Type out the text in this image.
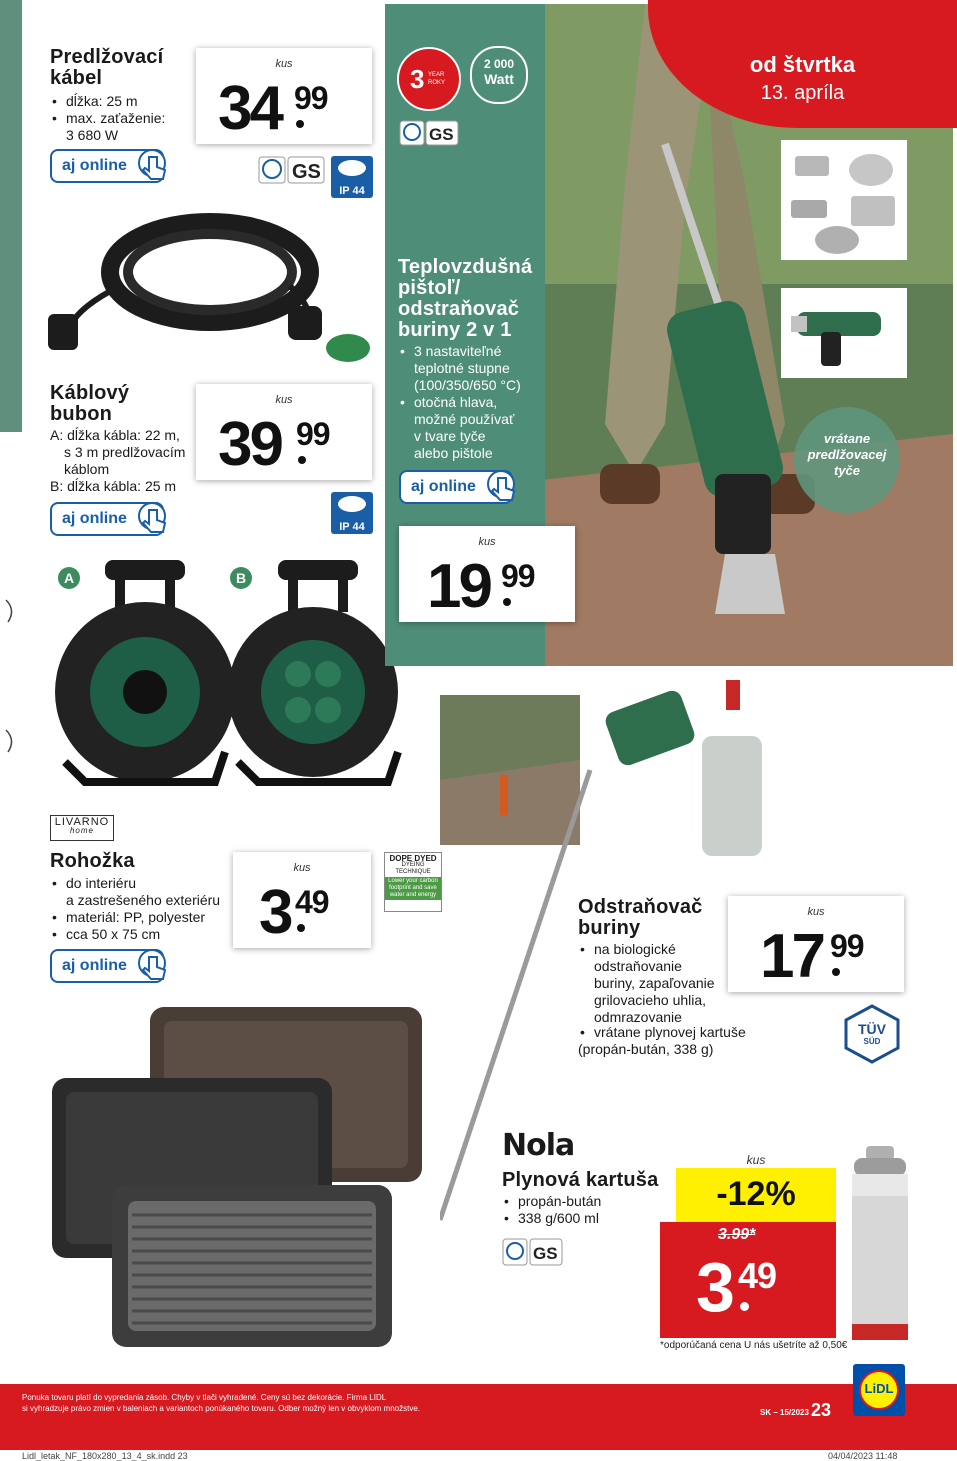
Predlžovací
kábel
• dĺžka: 25 m
• max. zaťaženie:
3 680 W
kus
34 99
aj online	GS
IP 44
Káblový
bubon
A: dĺžka kábla: 22 m,
s 3 m predlžovacím
káblom
B: dĺžka kábla: 25 m
kus
39 99
aj online	IP 44
A	B
3 YEAR
ROKY
2 000
Watt
GS
od štvrtka
13. apríla
vrátane
predlžovacej
tyče
Teplovzdušná
pištoľ/
odstraňovač
buriny 2 v 1
• 3 nastaviteľné
teplotné stupne
(100/350/650 °C)
• otočná hlava,
možné používať
v tvare tyče
alebo pištole
aj online
kus
19 99
LIVARNO
home
Rohožka
• do interiéru
a zastrešeného exteriéru
• materiál: PP, polyester
• cca 50 x 75 cm
kus
3 49
DOPE DYED
DYEING
TECHNIQUE
Lower your carbon
footprint and save
water and energy
aj online
Odstraňovač
buriny
• na biologické
odstraňovanie
buriny, zapaľovanie
grilovacieho uhlia,
odmrazovanie
• vrátane plynovej kartuše
(propán-bután, 338 g)
kus
17 99
TÜV
SÜD
Nola
Plynová kartuša
• propán-bután
• 338 g/600 ml
GS
kus
-12%
3.99*
3 49
*odporúčaná cena U nás ušetríte až 0,50€
Ponuka tovaru platí do vypredania zásob. Chyby v tlači vyhradené. Ceny sú bez dekorácie. Firma LIDL
si vyhradzuje právo zmien v baleniach a variantoch ponúkaného tovaru. Odber možný len v obvyklom množstve.	SK – 15/2023 23
LiDL
Lidl_letak_NF_180x280_13_4_sk.indd 23	04/04/2023 11:48
